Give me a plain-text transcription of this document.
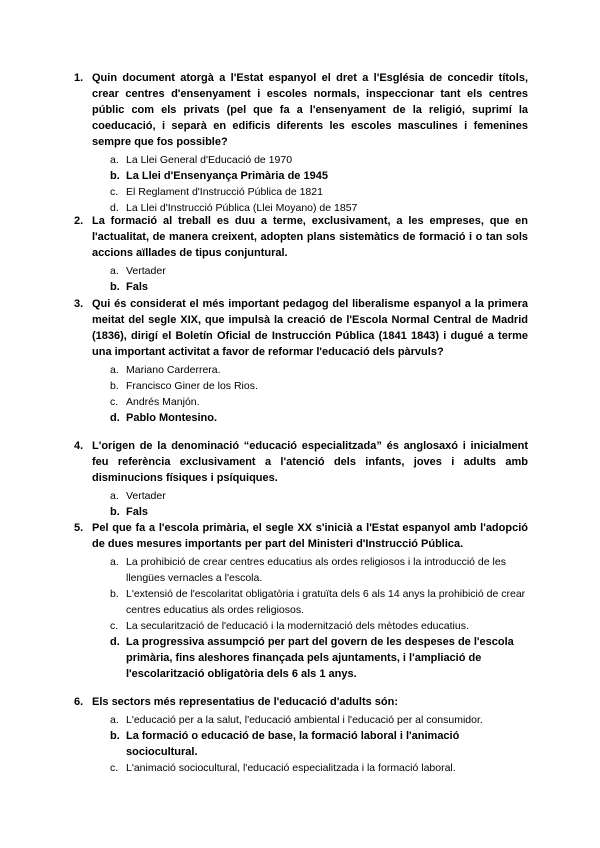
1. Quin document atorgà a l'Estat espanyol el dret a l'Església de concedir títols, crear centres d'ensenyament i escoles normals, inspeccionar tant els centres públic com els privats (pel que fa a l'ensenyament de la religió, suprimí la coeducació, i separà en edificis diferents les escoles masculines i femenines sempre que fos possible?

a. La Llei General d'Educació de 1970
b. La Llei d'Ensenyança Primària de 1945
c. El Reglament d'Instrucció Pública de 1821
d. La Llei d'Instrucció Pública (Llei Moyano) de 1857
2. La formació al treball es duu a terme, exclusivament, a les empreses, que en l'actualitat, de manera creixent, adopten plans sistemàtics de formació i o tan sols accions aïllades de tipus conjuntural.

a. Vertader
b. Fals
3. Qui és considerat el més important pedagog del liberalisme espanyol a la primera meitat del segle XIX, que impulsà la creació de l'Escola Normal Central de Madrid (1836), dirigí el Boletín Oficial de Instrucción Pública (1841 1843) i dugué a terme una important activitat a favor de reformar l'educació dels pàrvuls?

a. Mariano Carderrera.
b. Francisco Giner de los Rios.
c. Andrés Manjón.
d. Pablo Montesino.
4. L'origen de la denominació “educació especialitzada” és anglosaxó i inicialment feu referència exclusivament a l'atenció dels infants, joves i adults amb disminucions físiques i psíquiques.

a. Vertader
b. Fals
5. Pel que fa a l'escola primària, el segle XX s'inicià a l'Estat espanyol amb l'adopció de dues mesures importants per part del Ministeri d'Instrucció Pública.

a. La prohibició de crear centres educatius als ordes religiosos i la introducció de les llengües vernacles a l'escola.
b. L'extensió de l'escolaritat obligatòria i gratuïta dels 6 als 14 anys la prohibició de crear centres educatius als ordes religiosos.
c. La secularització de l'educació i la modernització dels mètodes educatius.
d. La progressiva assumpció per part del govern de les despeses de l'escola primària, fins aleshores finançada pels ajuntaments, i l'ampliació de l'escolarització obligatòria dels 6 als 1 anys.
6. Els sectors més representatius de l'educació d'adults són:

a. L'educació per a la salut, l'educació ambiental i l'educació per al consumidor.
b. La formació o educació de base, la formació laboral i l'animació sociocultural.
c. L'animació sociocultural, l'educació especialitzada i la formació laboral.
